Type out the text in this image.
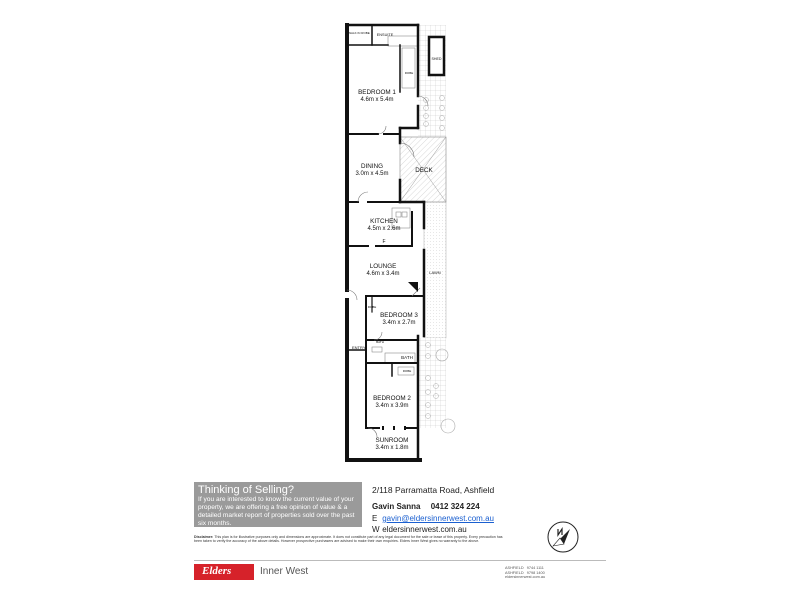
SHED
WALK IN ROBE ENSUITE
ROBE
BEDROOM 1
4.6m x 5.4m
DINING
3.0m x 4.5m	DECK
KITCHEN
4.5m x 2.6m
F
LOUNGE
4.6m x 3.4m	LAWN
ROBE
BEDROOM 3
3.4m x 2.7m
ENTRY
BATH
BATH
ROBE
BEDROOM 2
3.4m x 3.9m
SUNROOM
3.4m x 1.8m
Thinking of Selling?
If you are interested to know the current value of your property, we are offering a free opinion of value & a detailed market report of properties sold over the past six months.
2/118 Parramatta Road, Ashfield
Gavin Sanna 0412 324 224
E gavin@eldersinnerwest.com.au
W eldersinnerwest.com.au
Disclaimer: This plan is for illustrative purposes only and dimensions are approximate. It does not constitute part of any legal document for the sale or lease of this property. Every precaution has been taken to verify the accuracy of the above details. However prospective purchasers are advised to make their own enquiries. Elders Inner West gives no warranty to the above.
Elders	Inner West	ASHFIELD 9744 1111
ASHFIELD 9798 1400
eldersinnerwest.com.au
